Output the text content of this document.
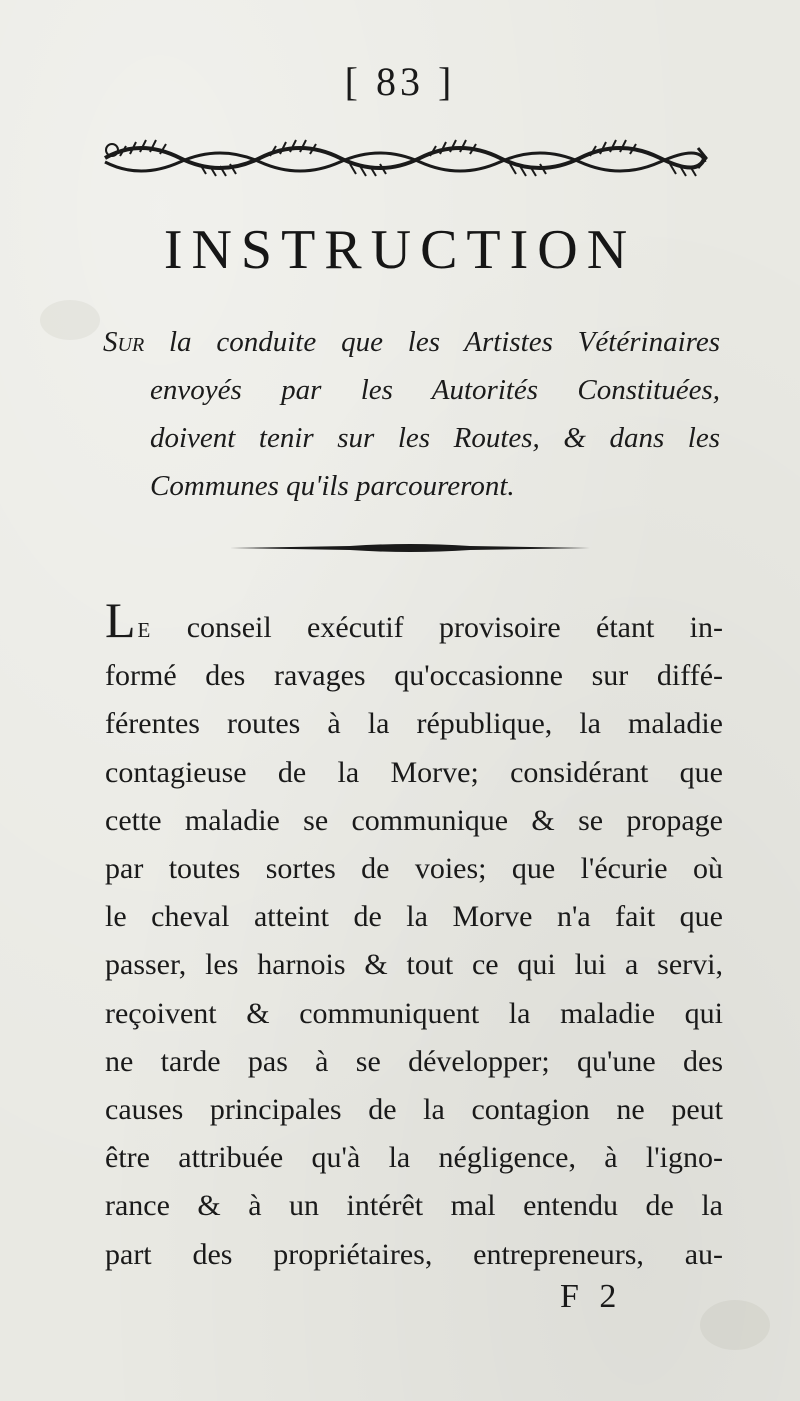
[ 83 ]
INSTRUCTION
Sur la conduite que les Artistes Vétérinaires
envoyés par les Autorités Constituées,
doivent tenir sur les Routes, & dans les
Communes qu'ils parcoureront.
Le conseil exécutif provisoire étant in-
formé des ravages qu'occasionne sur diffé-
férentes routes à la république, la maladie
contagieuse de la Morve; considérant que
cette maladie se communique & se propage
par toutes sortes de voies; que l'écurie où
le cheval atteint de la Morve n'a fait que
passer, les harnois & tout ce qui lui a servi,
reçoivent & communiquent la maladie qui
ne tarde pas à se développer; qu'une des
causes principales de la contagion ne peut
être attribuée qu'à la négligence, à l'igno-
rance & à un intérêt mal entendu de la
part des propriétaires, entrepreneurs, au-
F 2
